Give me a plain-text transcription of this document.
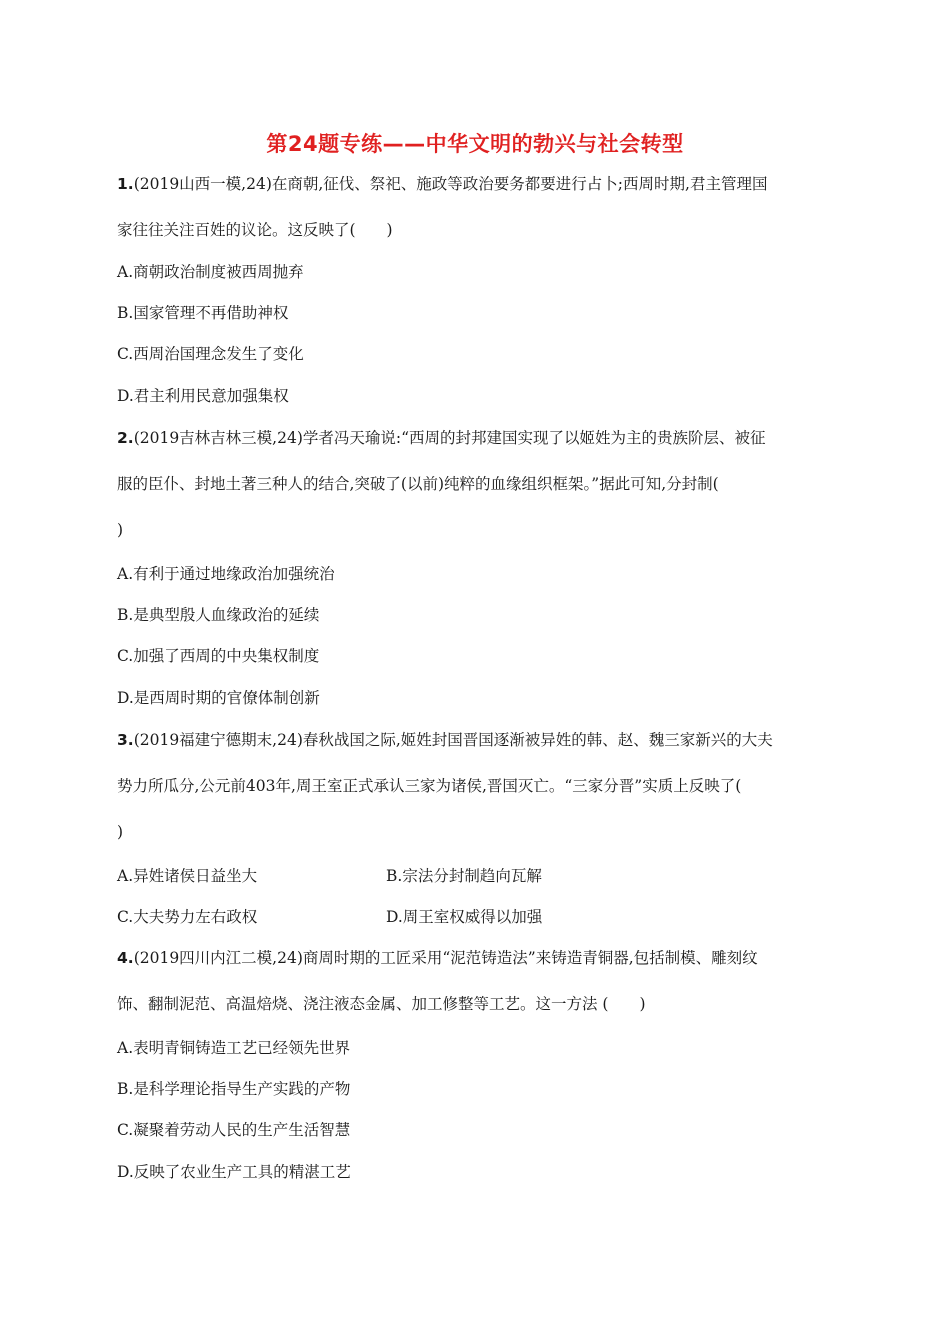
第24题专练——中华文明的勃兴与社会转型
1.(2019山西一模,24)在商朝,征伐、祭祀、施政等政治要务都要进行占卜;西周时期,君主管理国
家往往关注百姓的议论。这反映了(　　)
A.商朝政治制度被西周抛弃
B.国家管理不再借助神权
C.西周治国理念发生了变化
D.君主利用民意加强集权
2.(2019吉林吉林三模,24)学者冯天瑜说:“西周的封邦建国实现了以姬姓为主的贵族阶层、被征
服的臣仆、封地土著三种人的结合,突破了(以前)纯粹的血缘组织框架。”据此可知,分封制(
)
A.有利于通过地缘政治加强统治
B.是典型殷人血缘政治的延续
C.加强了西周的中央集权制度
D.是西周时期的官僚体制创新
3.(2019福建宁德期末,24)春秋战国之际,姬姓封国晋国逐渐被异姓的韩、赵、魏三家新兴的大夫
势力所瓜分,公元前403年,周王室正式承认三家为诸侯,晋国灭亡。“三家分晋”实质上反映了(
)
A.异姓诸侯日益坐大	B.宗法分封制趋向瓦解
C.大夫势力左右政权	D.周王室权威得以加强
4.(2019四川内江二模,24)商周时期的工匠采用“泥范铸造法”来铸造青铜器,包括制模、雕刻纹
饰、翻制泥范、高温焙烧、浇注液态金属、加工修整等工艺。这一方法 (　　)
A.表明青铜铸造工艺已经领先世界
B.是科学理论指导生产实践的产物
C.凝聚着劳动人民的生产生活智慧
D.反映了农业生产工具的精湛工艺
